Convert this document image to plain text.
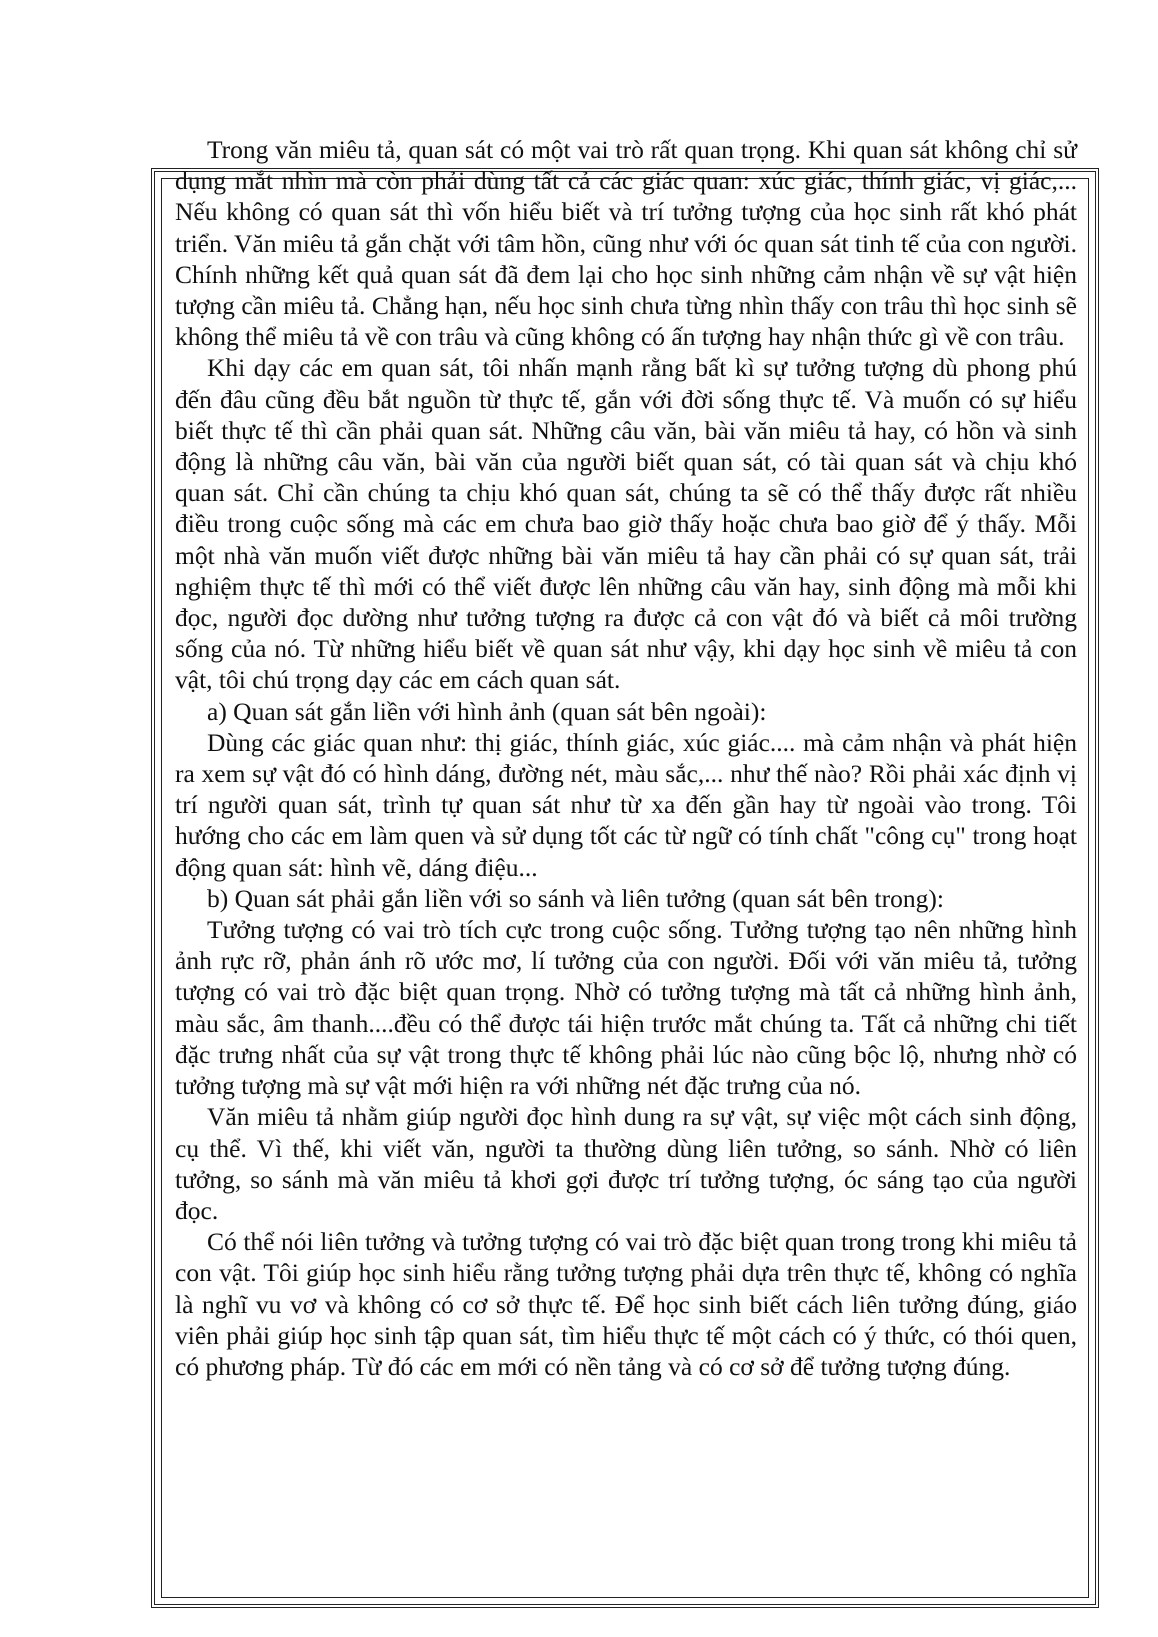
Trong văn miêu tả, quan sát có một vai trò rất quan trọng. Khi quan sát không chỉ sử dụng mắt nhìn mà còn phải dùng tất cả các giác quan: xúc giác, thính giác, vị giác,... Nếu không có quan sát thì vốn hiểu biết và trí tưởng tượng của học sinh rất khó phát triển. Văn miêu tả gắn chặt với tâm hồn, cũng như với óc quan sát tinh tế của con người. Chính những kết quả quan sát đã đem lại cho học sinh những cảm nhận về sự vật hiện tượng cần miêu tả. Chẳng hạn, nếu học sinh chưa từng nhìn thấy con trâu thì học sinh sẽ không thể miêu tả về con trâu và cũng không có ấn tượng hay nhận thức gì về con trâu.

Khi dạy các em quan sát, tôi nhấn mạnh rằng bất kì sự tưởng tượng dù phong phú đến đâu cũng đều bắt nguồn từ thực tế, gắn với đời sống thực tế. Và muốn có sự hiểu biết thực tế thì cần phải quan sát. Những câu văn, bài văn miêu tả hay, có hồn và sinh động là những câu văn, bài văn của người biết quan sát, có tài quan sát và chịu khó quan sát. Chỉ cần chúng ta chịu khó quan sát, chúng ta sẽ có thể thấy được rất nhiều điều trong cuộc sống mà các em chưa bao giờ thấy hoặc chưa bao giờ để ý thấy. Mỗi một nhà văn muốn viết được những bài văn miêu tả hay cần phải có sự quan sát, trải nghiệm thực tế thì mới có thể viết được lên những câu văn hay, sinh động mà mỗi khi đọc, người đọc dường như tưởng tượng ra được cả con vật đó và biết cả môi trường sống của nó. Từ những hiểu biết về quan sát như vậy, khi dạy học sinh về miêu tả con vật, tôi chú trọng dạy các em cách quan sát.

a) Quan sát gắn liền với hình ảnh (quan sát bên ngoài):

Dùng các giác quan như: thị giác, thính giác, xúc giác.... mà cảm nhận và phát hiện ra xem sự vật đó có hình dáng, đường nét, màu sắc,... như thế nào? Rồi phải xác định vị trí người quan sát, trình tự quan sát như từ xa đến gần hay từ ngoài vào trong. Tôi hướng cho các em làm quen và sử dụng tốt các từ ngữ có tính chất "công cụ" trong hoạt động quan sát: hình vẽ, dáng điệu...

b) Quan sát phải gắn liền với so sánh và liên tưởng (quan sát bên trong):

Tưởng tượng có vai trò tích cực trong cuộc sống. Tưởng tượng tạo nên những hình ảnh rực rỡ, phản ánh rõ ước mơ, lí tưởng của con người. Đối với văn miêu tả, tưởng tượng có vai trò đặc biệt quan trọng. Nhờ có tưởng tượng mà tất cả những hình ảnh, màu sắc, âm thanh....đều có thể được tái hiện trước mắt chúng ta. Tất cả những chi tiết đặc trưng nhất của sự vật trong thực tế không phải lúc nào cũng bộc lộ, nhưng nhờ có tưởng tượng mà sự vật mới hiện ra với những nét đặc trưng của nó.

Văn miêu tả nhằm giúp người đọc hình dung ra sự vật, sự việc một cách sinh động, cụ thể. Vì thế, khi viết văn, người ta thường dùng liên tưởng, so sánh. Nhờ có liên tưởng, so sánh mà văn miêu tả khơi gợi được trí tưởng tượng, óc sáng tạo của người đọc.

Có thể nói liên tưởng và tưởng tượng có vai trò đặc biệt quan trong trong khi miêu tả con vật. Tôi giúp học sinh hiểu rằng tưởng tượng phải dựa trên thực tế, không có nghĩa là nghĩ vu vơ và không có cơ sở thực tế. Để học sinh biết cách liên tưởng đúng, giáo viên phải giúp học sinh tập quan sát, tìm hiểu thực tế một cách có ý thức, có thói quen, có phương pháp. Từ đó các em mới có nền tảng và có cơ sở để tưởng tượng đúng.
